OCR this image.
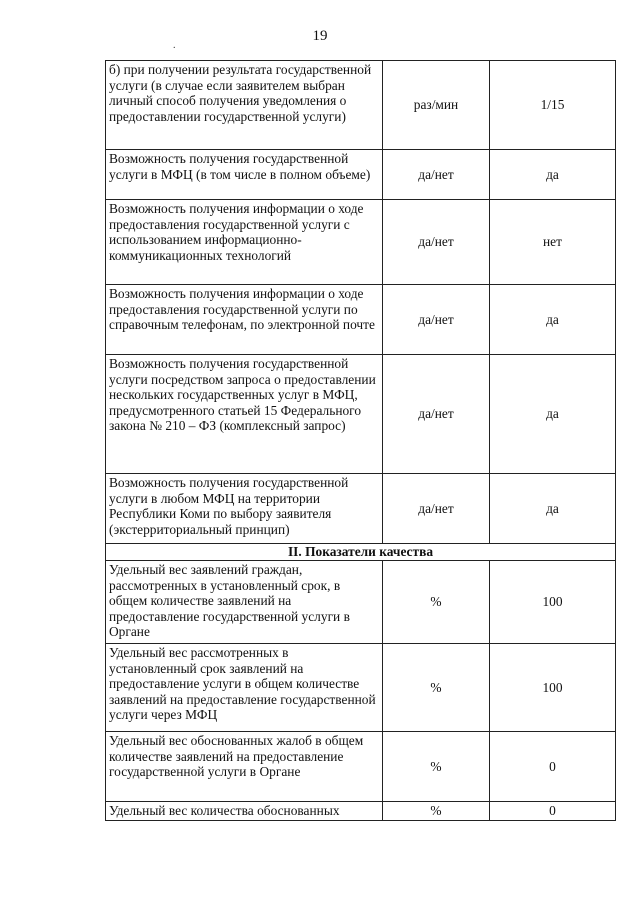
19
.
б) при получении результата государственной услуги (в случае если заявителем выбран личный способ получения уведомления о предоставлении государственной услуги)	раз/мин	1/15
Возможность получения государственной услуги в МФЦ (в том числе в полном объеме)	да/нет	да
Возможность получения информации о ходе предоставления государственной услуги с использованием информационно-коммуникационных технологий	да/нет	нет
Возможность получения информации о ходе предоставления государственной услуги по справочным телефонам, по электронной почте	да/нет	да
Возможность получения государственной услуги посредством запроса о предоставлении нескольких государственных услуг в МФЦ, предусмотренного статьей 15 Федерального закона № 210 – ФЗ (комплексный запрос)	да/нет	да
Возможность получения государственной услуги в любом МФЦ на территории Республики Коми по выбору заявителя (экстерриториальный принцип)	да/нет	да
II. Показатели качества		
Удельный вес заявлений граждан, рассмотренных в установленный срок, в общем количестве заявлений на предоставление государственной услуги в Органе	%	100
Удельный вес рассмотренных в установленный срок заявлений на предоставление услуги в общем количестве заявлений на предоставление государственной услуги через МФЦ	%	100
Удельный вес обоснованных жалоб в общем количестве заявлений на предоставление государственной услуги в Органе	%	0
Удельный вес количества обоснованных	%	0
